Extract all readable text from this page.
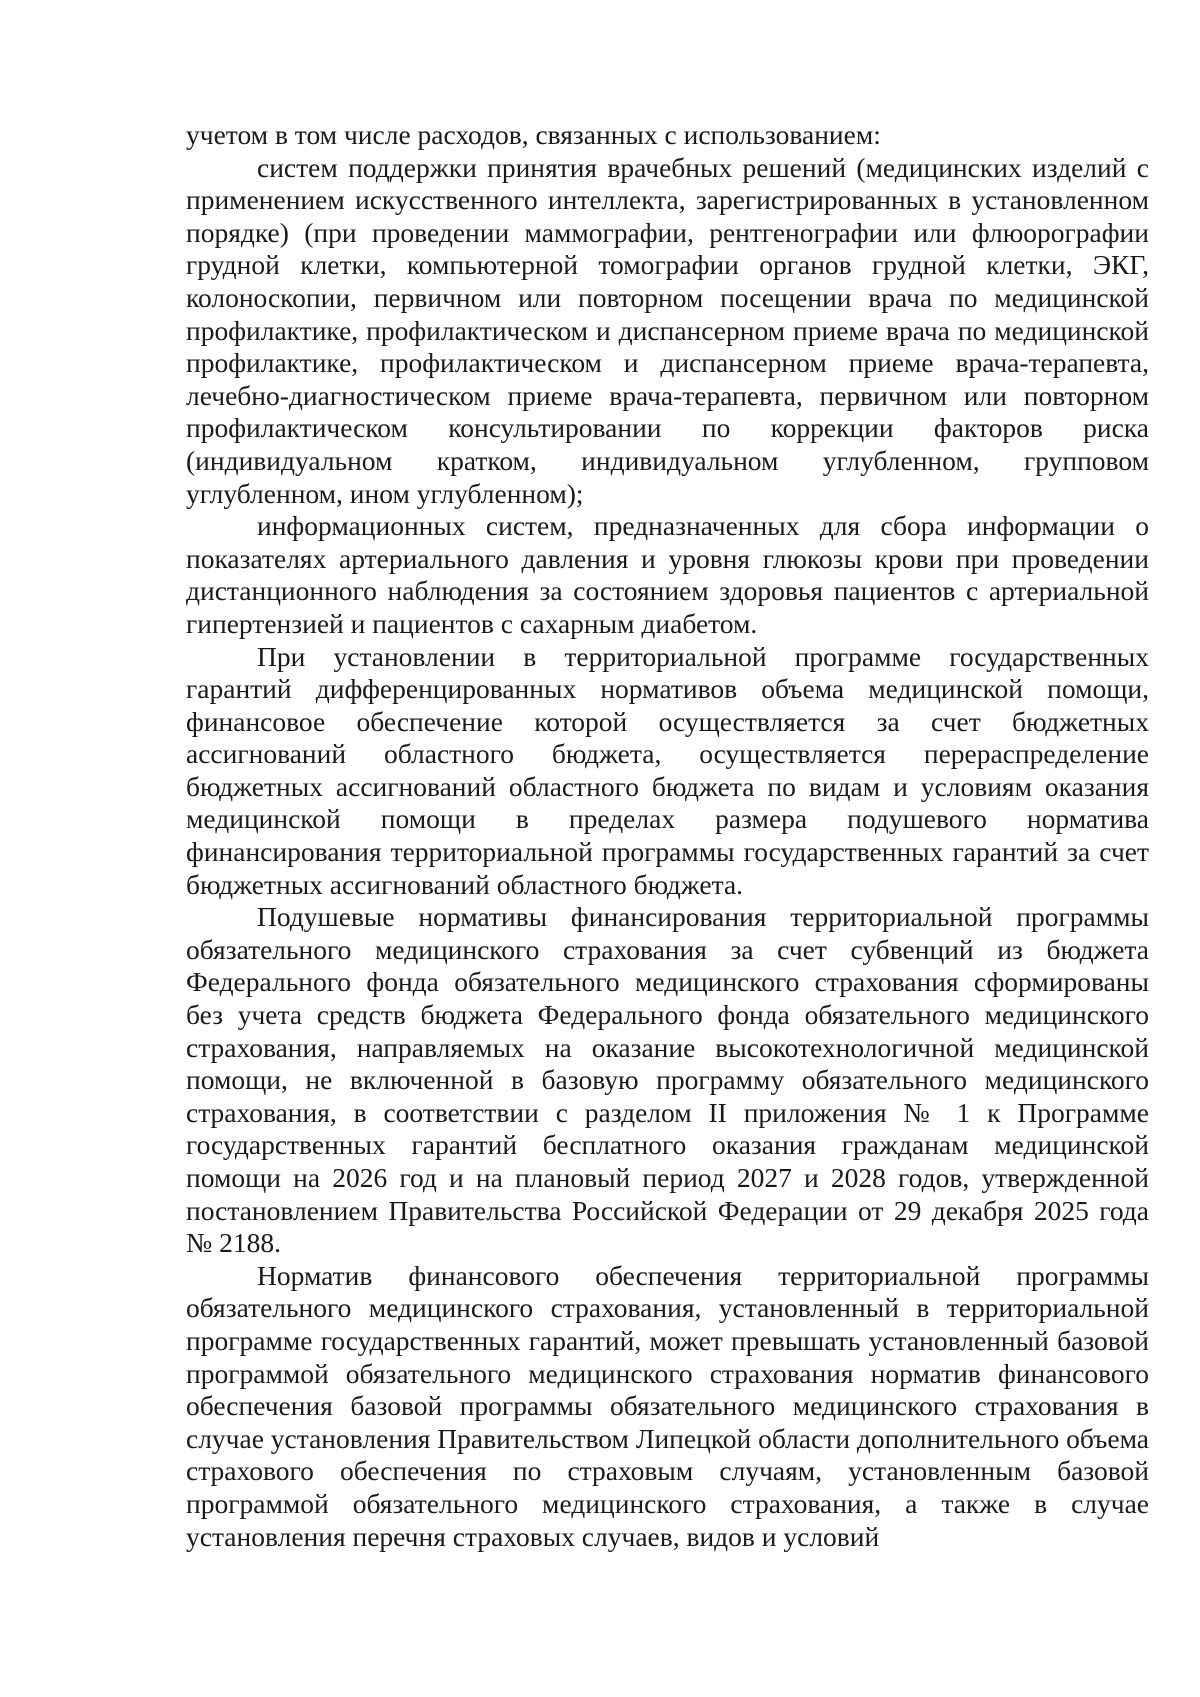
учетом в том числе расходов, связанных с использованием:

систем поддержки принятия врачебных решений (медицинских изделий с применением искусственного интеллекта, зарегистрированных в установленном порядке) (при проведении маммографии, рентгенографии или флюорографии грудной клетки, компьютерной томографии органов грудной клетки, ЭКГ, колоноскопии, первичном или повторном посещении врача по медицинской профилактике, профилактическом и диспансерном приеме врача по медицинской профилактике, профилактическом и диспансерном приеме врача-терапевта, лечебно-диагностическом приеме врача-терапевта, первичном или повторном профилактическом консультировании по коррекции факторов риска (индивидуальном кратком, индивидуальном углубленном, групповом углубленном, ином углубленном);

информационных систем, предназначенных для сбора информации о показателях артериального давления и уровня глюкозы крови при проведении дистанционного наблюдения за состоянием здоровья пациентов с артериальной гипертензией и пациентов с сахарным диабетом.

При установлении в территориальной программе государственных гарантий дифференцированных нормативов объема медицинской помощи, финансовое обеспечение которой осуществляется за счет бюджетных ассигнований областного бюджета, осуществляется перераспределение бюджетных ассигнований областного бюджета по видам и условиям оказания медицинской помощи в пределах размера подушевого норматива финансирования территориальной программы государственных гарантий за счет бюджетных ассигнований областного бюджета.

Подушевые нормативы финансирования территориальной программы обязательного медицинского страхования за счет субвенций из бюджета Федерального фонда обязательного медицинского страхования сформированы без учета средств бюджета Федерального фонда обязательного медицинского страхования, направляемых на оказание высокотехнологичной медицинской помощи, не включенной в базовую программу обязательного медицинского страхования, в соответствии с разделом II приложения № 1 к Программе государственных гарантий бесплатного оказания гражданам медицинской помощи на 2026 год и на плановый период 2027 и 2028 годов, утвержденной постановлением Правительства Российской Федерации от 29 декабря 2025 года № 2188.

Норматив финансового обеспечения территориальной программы обязательного медицинского страхования, установленный в территориальной программе государственных гарантий, может превышать установленный базовой программой обязательного медицинского страхования норматив финансового обеспечения базовой программы обязательного медицинского страхования в случае установления Правительством Липецкой области дополнительного объема страхового обеспечения по страховым случаям, установленным базовой программой обязательного медицинского страхования, а также в случае установления перечня страховых случаев, видов и условий
